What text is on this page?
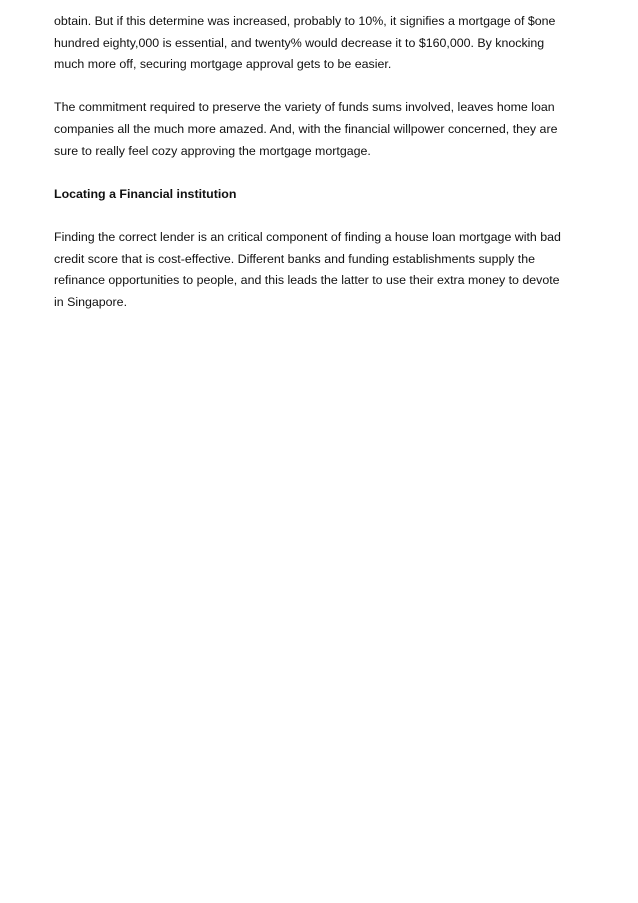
obtain. But if this determine was increased, probably to 10%, it signifies a mortgage of $one
hundred eighty,000 is essential, and twenty% would decrease it to $160,000. By knocking
much more off, securing mortgage approval gets to be easier.

The commitment required to preserve the variety of funds sums involved, leaves home loan
companies all the much more amazed. And, with the financial willpower concerned, they are
sure to really feel cozy approving the mortgage mortgage.

Locating a Financial institution

Finding the correct lender is an critical component of finding a house loan mortgage with bad
credit score that is cost-effective. Different banks and funding establishments supply the
refinance opportunities to people, and this leads the latter to use their extra money to devote
in Singapore.
